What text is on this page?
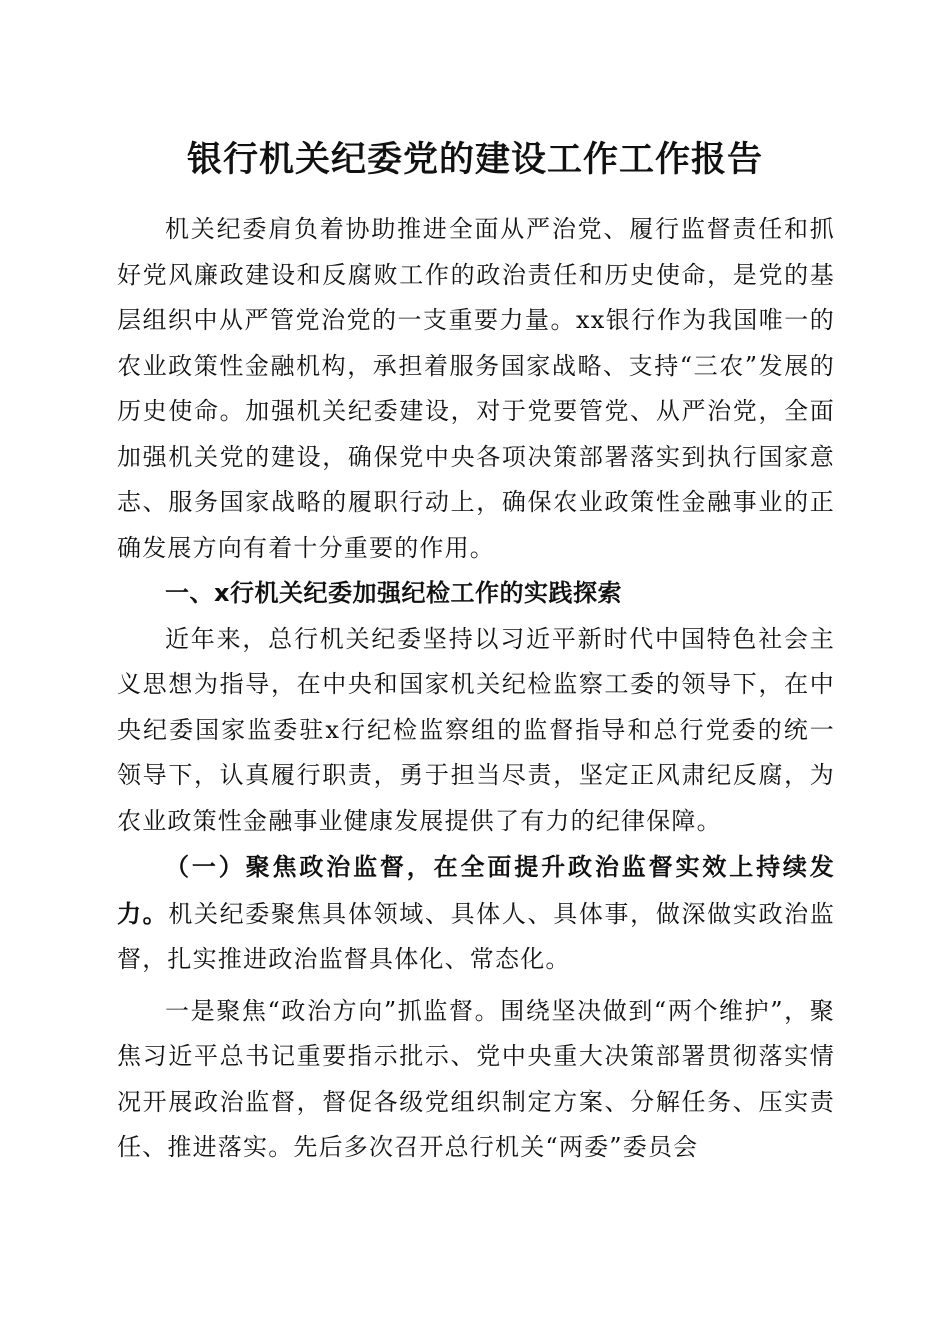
银行机关纪委党的建设工作工作报告

机关纪委肩负着协助推进全面从严治党、履行监督责任和抓好党风廉政建设和反腐败工作的政治责任和历史使命，是党的基层组织中从严管党治党的一支重要力量。xx银行作为我国唯一的农业政策性金融机构，承担着服务国家战略、支持“三农”发展的历史使命。加强机关纪委建设，对于党要管党、从严治党，全面加强机关党的建设，确保党中央各项决策部署落实到执行国家意志、服务国家战略的履职行动上，确保农业政策性金融事业的正确发展方向有着十分重要的作用。

一、x行机关纪委加强纪检工作的实践探索

近年来，总行机关纪委坚持以习近平新时代中国特色社会主义思想为指导，在中央和国家机关纪检监察工委的领导下，在中央纪委国家监委驻x行纪检监察组的监督指导和总行党委的统一领导下，认真履行职责，勇于担当尽责，坚定正风肃纪反腐，为农业政策性金融事业健康发展提供了有力的纪律保障。

（一）聚焦政治监督，在全面提升政治监督实效上持续发力。机关纪委聚焦具体领域、具体人、具体事，做深做实政治监督，扎实推进政治监督具体化、常态化。

一是聚焦“政治方向”抓监督。围绕坚决做到“两个维护”，聚焦习近平总书记重要指示批示、党中央重大决策部署贯彻落实情况开展政治监督，督促各级党组织制定方案、分解任务、压实责任、推进落实。先后多次召开总行机关“两委”委员会
